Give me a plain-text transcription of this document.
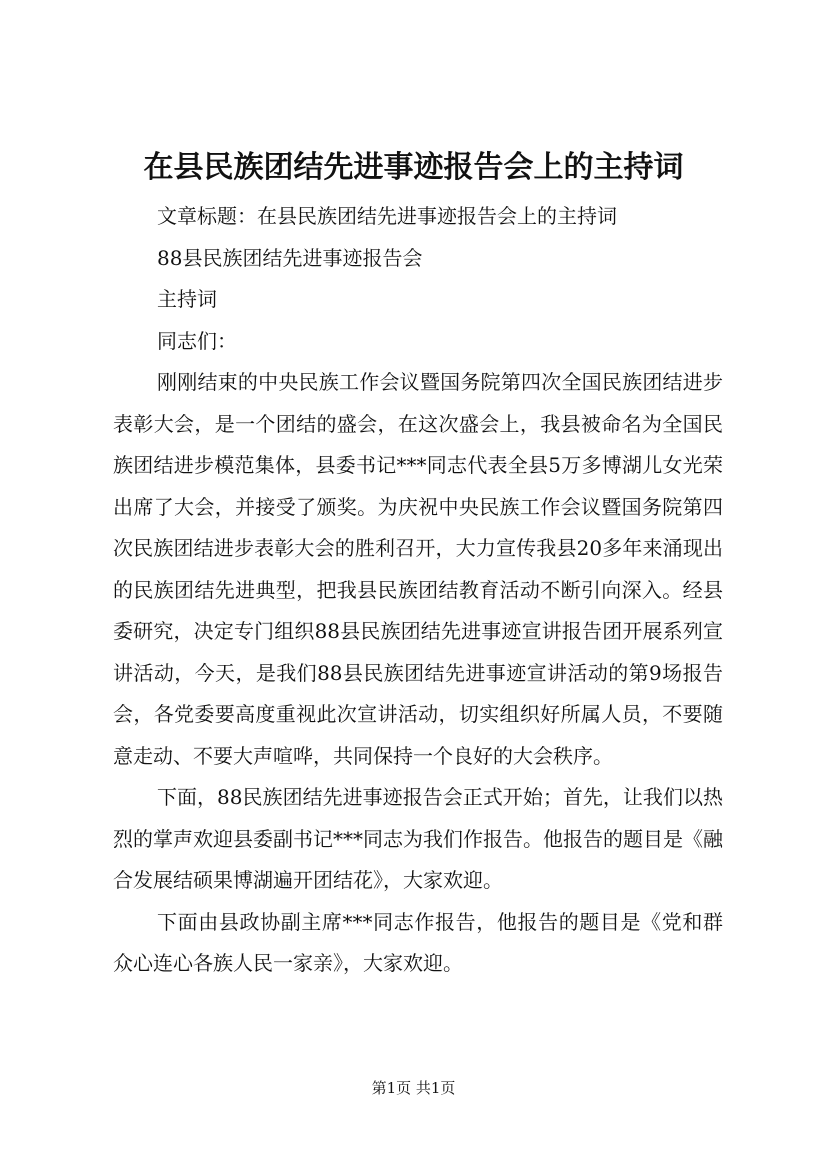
在县民族团结先进事迹报告会上的主持词

文章标题：在县民族团结先进事迹报告会上的主持词

88县民族团结先进事迹报告会

主持词

同志们：

刚刚结束的中央民族工作会议暨国务院第四次全国民族团结进步表彰大会，是一个团结的盛会，在这次盛会上，我县被命名为全国民族团结进步模范集体，县委书记***同志代表全县5万多博湖儿女光荣出席了大会，并接受了颁奖。为庆祝中央民族工作会议暨国务院第四次民族团结进步表彰大会的胜利召开，大力宣传我县20多年来涌现出的民族团结先进典型，把我县民族团结教育活动不断引向深入。经县委研究，决定专门组织88县民族团结先进事迹宣讲报告团开展系列宣讲活动，今天，是我们88县民族团结先进事迹宣讲活动的第9场报告会，各党委要高度重视此次宣讲活动，切实组织好所属人员，不要随意走动、不要大声喧哗，共同保持一个良好的大会秩序。

下面，88民族团结先进事迹报告会正式开始；首先，让我们以热烈的掌声欢迎县委副书记***同志为我们作报告。他报告的题目是《融合发展结硕果博湖遍开团结花》，大家欢迎。

下面由县政协副主席***同志作报告，他报告的题目是《党和群众心连心各族人民一家亲》，大家欢迎。

第1页 共1页
